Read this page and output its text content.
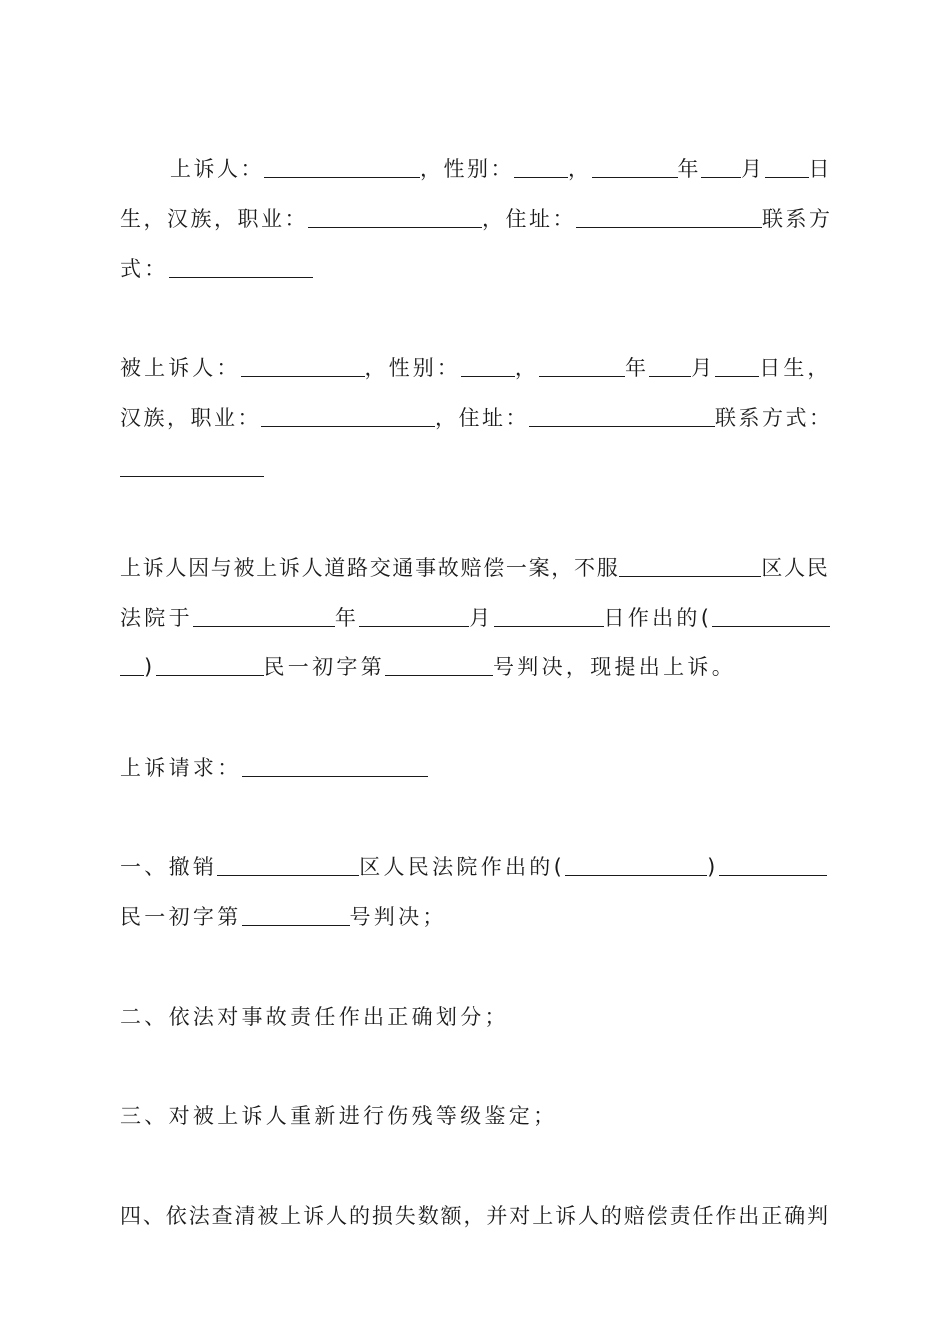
上诉人：	，性别：	，	年 月 日
生，汉族，职业：	，住址：	联系方
式：
被上诉人：	，性别：	，	年 月 日生，
汉族，职业：	，住址：	联系方式：
上诉人因与被上诉人道路交通事故赔偿一案，不服	区人民
法院于	年	月	日作出的(
)	民一初字第	号判决，现提出上诉。
上诉请求：
一、撤销	区人民法院作出的(	)
民一初字第	号判决；
二、依法对事故责任作出正确划分；
三、对被上诉人重新进行伤残等级鉴定；
四、依法查清被上诉人的损失数额，并对上诉人的赔偿责任作出正确判
